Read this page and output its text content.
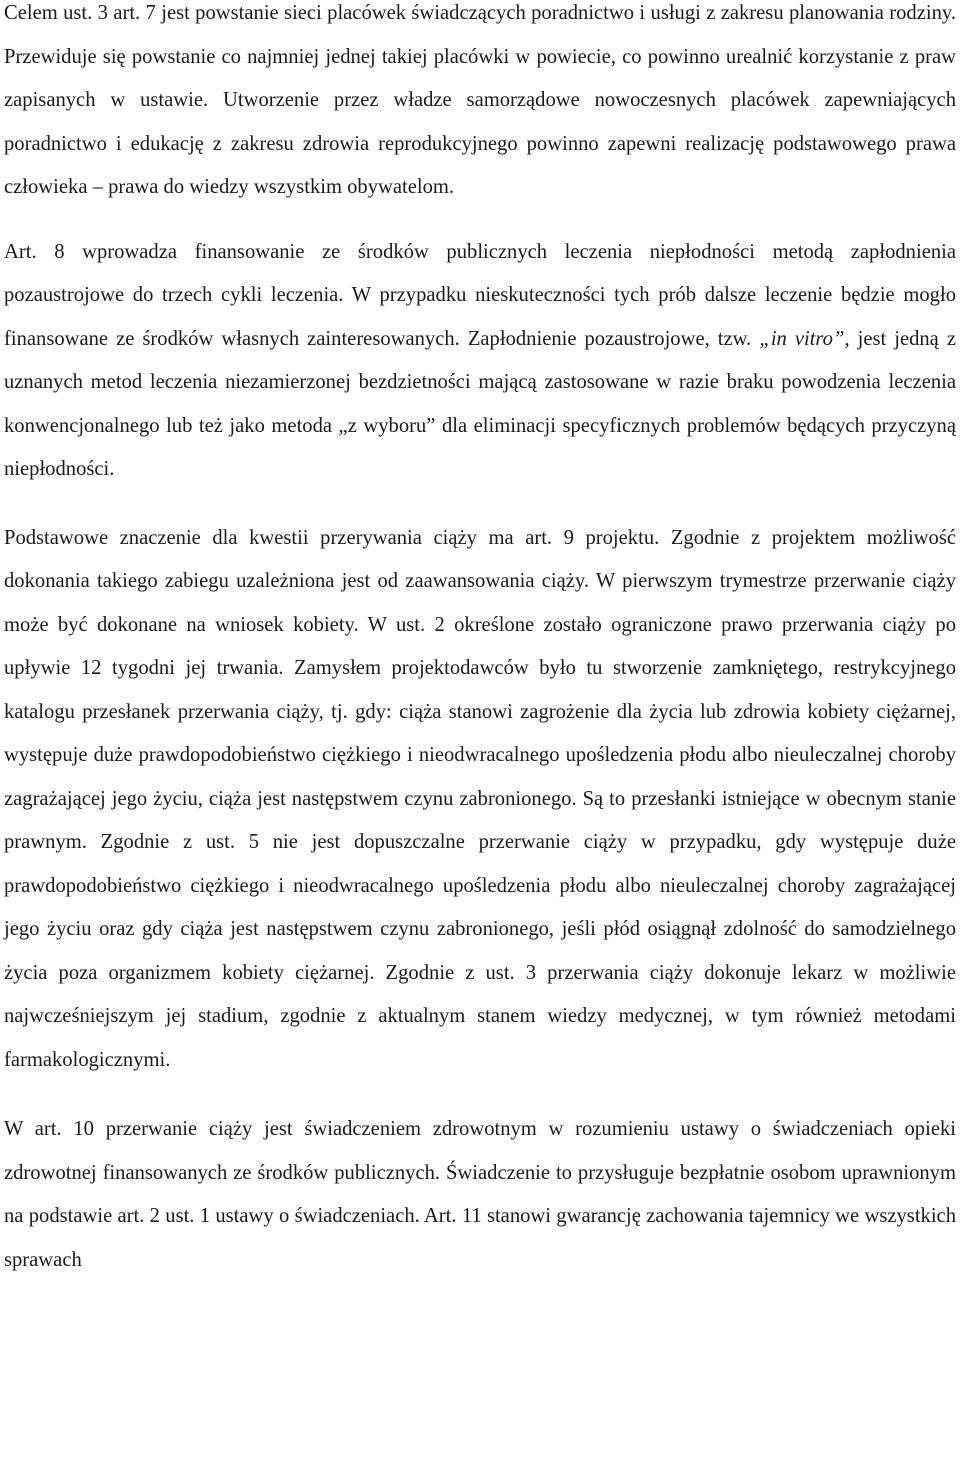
Celem ust. 3 art. 7 jest powstanie sieci placówek świadczących poradnictwo i usługi z zakresu planowania rodziny. Przewiduje się powstanie co najmniej jednej takiej placówki w powiecie, co powinno urealnić korzystanie z praw zapisanych w ustawie. Utworzenie przez władze samorządowe nowoczesnych placówek zapewniających poradnictwo i edukację z zakresu zdrowia reprodukcyjnego powinno zapewni realizację podstawowego prawa człowieka – prawa do wiedzy wszystkim obywatelom.

Art. 8 wprowadza finansowanie ze środków publicznych leczenia niepłodności metodą zapłodnienia pozaustrojowe do trzech cykli leczenia. W przypadku nieskuteczności tych prób dalsze leczenie będzie mogło finansowane ze środków własnych zainteresowanych. Zapłodnienie pozaustrojowe, tzw. „in vitro”, jest jedną z uznanych metod leczenia niezamierzonej bezdzietności mającą zastosowane w razie braku powodzenia leczenia konwencjonalnego lub też jako metoda „z wyboru” dla eliminacji specyficznych problemów będących przyczyną niepłodności.

Podstawowe znaczenie dla kwestii przerywania ciąży ma art. 9 projektu. Zgodnie z projektem możliwość dokonania takiego zabiegu uzależniona jest od zaawansowania ciąży. W pierwszym trymestrze przerwanie ciąży może być dokonane na wniosek kobiety. W ust. 2 określone zostało ograniczone prawo przerwania ciąży po upływie 12 tygodni jej trwania. Zamysłem projektodawców było tu stworzenie zamkniętego, restrykcyjnego katalogu przesłanek przerwania ciąży, tj. gdy: ciąża stanowi zagrożenie dla życia lub zdrowia kobiety ciężarnej, występuje duże prawdopodobieństwo ciężkiego i nieodwracalnego upośledzenia płodu albo nieuleczalnej choroby zagrażającej jego życiu, ciąża jest następstwem czynu zabronionego. Są to przesłanki istniejące w obecnym stanie prawnym. Zgodnie z ust. 5 nie jest dopuszczalne przerwanie ciąży w przypadku, gdy występuje duże prawdopodobieństwo ciężkiego i nieodwracalnego upośledzenia płodu albo nieuleczalnej choroby zagrażającej jego życiu oraz gdy ciąża jest następstwem czynu zabronionego, jeśli płód osiągnął zdolność do samodzielnego życia poza organizmem kobiety ciężarnej. Zgodnie z ust. 3 przerwania ciąży dokonuje lekarz w możliwie najwcześniejszym jej stadium, zgodnie z aktualnym stanem wiedzy medycznej, w tym również metodami farmakologicznymi.

W art. 10 przerwanie ciąży jest świadczeniem zdrowotnym w rozumieniu ustawy o świadczeniach opieki zdrowotnej finansowanych ze środków publicznych. Świadczenie to przysługuje bezpłatnie osobom uprawnionym na podstawie art. 2 ust. 1 ustawy o świadczeniach. Art. 11 stanowi gwarancję zachowania tajemnicy we wszystkich sprawach
